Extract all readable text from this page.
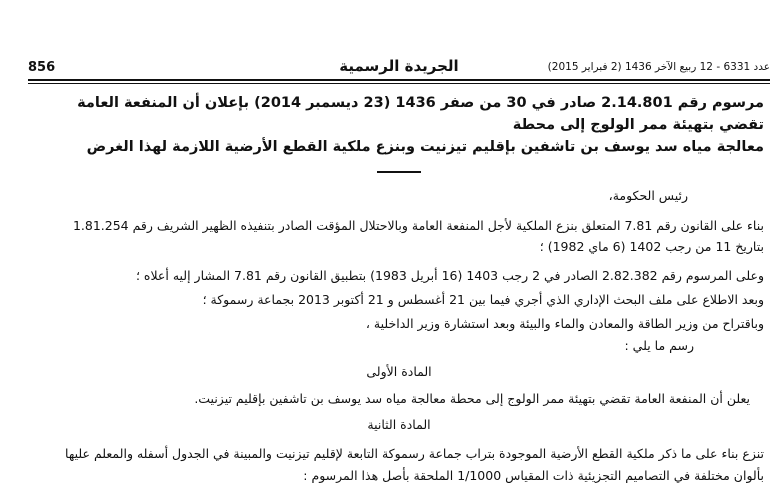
856	الجريدة الرسمية	عدد 6331 - 12 ربيع الآخر 1436 (2 فبراير 2015)

مرسوم رقم 2.14.801 صادر في 30 من صفر 1436 (23 ديسمبر 2014) بإعلان أن المنفعة العامة تقضي بتهيئة ممر الولوج إلى محطة

معالجة مياه سد يوسف بن تاشفين بإقليم تيزنيت وبنزع ملكية القطع الأرضية اللازمة لهذا الغرض

رئيس الحكومة،

بناء على القانون رقم 7.81 المتعلق بنزع الملكية لأجل المنفعة العامة وبالاحتلال المؤقت الصادر بتنفيذه الظهير الشريف رقم 1.81.254

بتاريخ 11 من رجب 1402 (6 ماي 1982) ؛

وعلى المرسوم رقم 2.82.382 الصادر في 2 رجب 1403 (16 أبريل 1983) بتطبيق القانون رقم 7.81 المشار إليه أعلاه ؛

وبعد الاطلاع على ملف البحث الإداري الذي أجري فيما بين 21 أغسطس و 21 أكتوبر 2013 بجماعة رسموكة ؛

وباقتراح من وزير الطاقة والمعادن والماء والبيئة وبعد استشارة وزير الداخلية ،

رسم ما يلي :

المادة الأولى

يعلن أن المنفعة العامة تقضي بتهيئة ممر الولوج إلى محطة معالجة مياه سد يوسف بن تاشفين بإقليم تيزنيت.

المادة الثانية

تنزع بناء على ما ذكر ملكية القطع الأرضية الموجودة بتراب جماعة رسموكة التابعة لإقليم تيزنيت والمبينة في الجدول أسفله والمعلم عليها

بألوان مختلفة في التصاميم التجزيئية ذات المقياس 1/1000 الملحقة بأصل هذا المرسوم :
